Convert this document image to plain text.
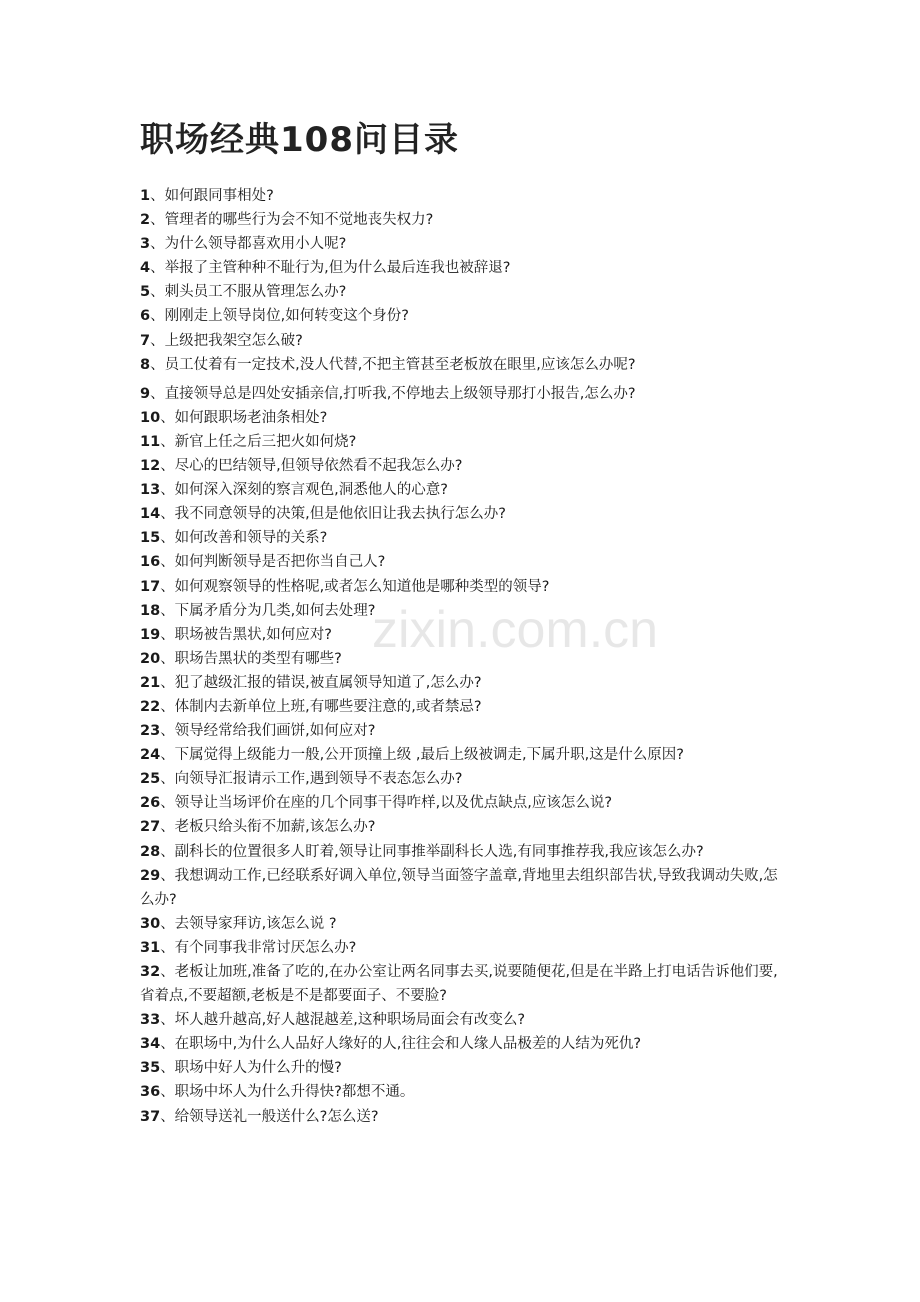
职场经典108问目录
1、如何跟同事相处?
2、管理者的哪些行为会不知不觉地丧失权力?
3、为什么领导都喜欢用小人呢?
4、举报了主管种种不耻行为,但为什么最后连我也被辞退?
5、刺头员工不服从管理怎么办?
6、刚刚走上领导岗位,如何转变这个身份?
7、上级把我架空怎么破?
8、员工仗着有一定技术,没人代替,不把主管甚至老板放在眼里,应该怎么办呢?
9、直接领导总是四处安插亲信,打听我,不停地去上级领导那打小报告,怎么办?
10、如何跟职场老油条相处?
11、新官上任之后三把火如何烧?
12、尽心的巴结领导,但领导依然看不起我怎么办?
13、如何深入深刻的察言观色,洞悉他人的心意?
14、我不同意领导的决策,但是他依旧让我去执行怎么办?
15、如何改善和领导的关系?
16、如何判断领导是否把你当自己人?
17、如何观察领导的性格呢,或者怎么知道他是哪种类型的领导?
18、下属矛盾分为几类,如何去处理?
19、职场被告黑状,如何应对?
20、职场告黑状的类型有哪些?
21、犯了越级汇报的错误,被直属领导知道了,怎么办?
22、体制内去新单位上班,有哪些要注意的,或者禁忌?
23、领导经常给我们画饼,如何应对?
24、下属觉得上级能力一般,公开顶撞上级 ,最后上级被调走,下属升职,这是什么原因?
25、向领导汇报请示工作,遇到领导不表态怎么办?
26、领导让当场评价在座的几个同事干得咋样,以及优点缺点,应该怎么说?
27、老板只给头衔不加薪,该怎么办?
28、副科长的位置很多人盯着,领导让同事推举副科长人选,有同事推荐我,我应该怎么办?
29、我想调动工作,已经联系好调入单位,领导当面签字盖章,背地里去组织部告状,导致我调动失败,怎么办?
30、去领导家拜访,该怎么说 ?
31、有个同事我非常讨厌怎么办?
32、老板让加班,准备了吃的,在办公室让两名同事去买,说要随便花,但是在半路上打电话告诉他们要,省着点,不要超额,老板是不是都要面子、不要脸?
33、坏人越升越高,好人越混越差,这种职场局面会有改变么?
34、在职场中,为什么人品好人缘好的人,往往会和人缘人品极差的人结为死仇?
35、职场中好人为什么升的慢?
36、职场中坏人为什么升得快?都想不通。
37、给领导送礼一般送什么?怎么送?
zixin.com.cn
